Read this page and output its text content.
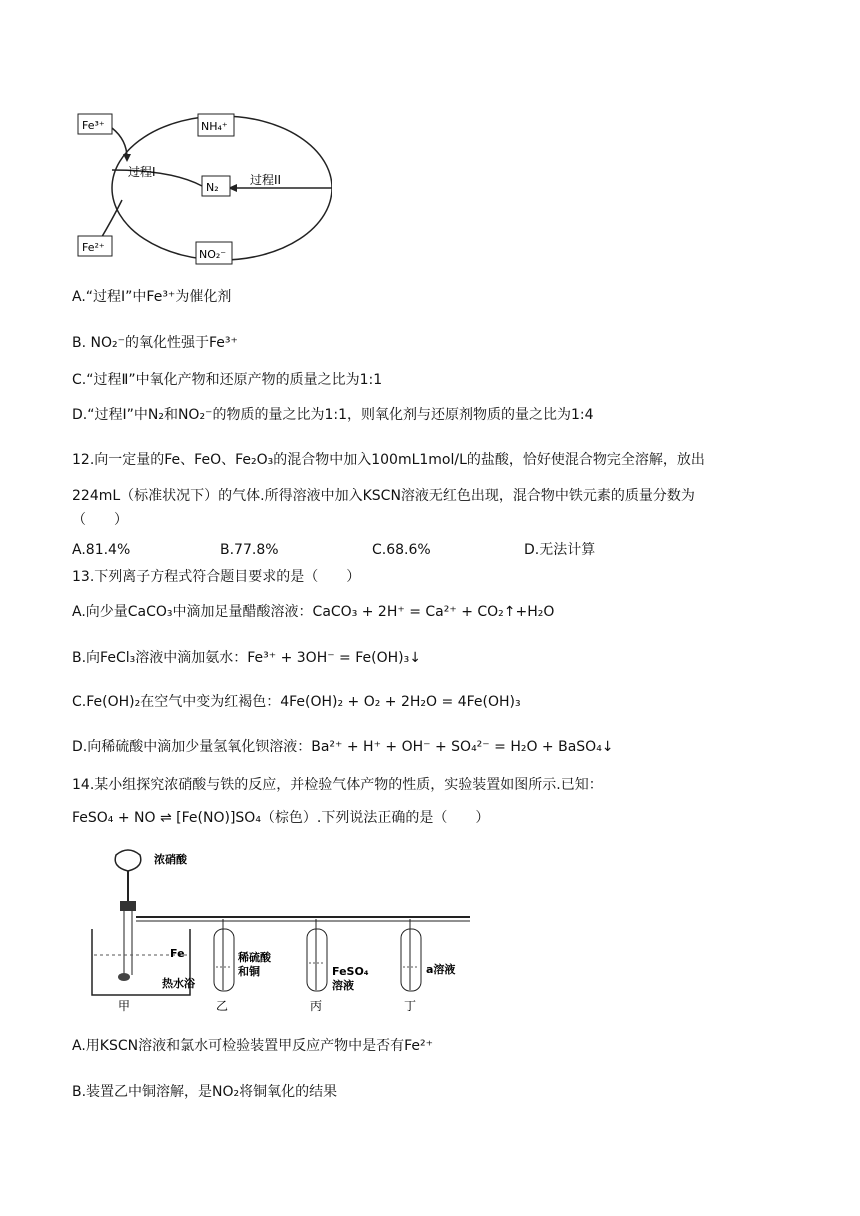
Fe³⁺	NH₄⁺
N₂
NO₂⁻
Fe²⁺
过程I
过程II
A.“过程Ⅰ”中Fe³⁺为催化剂
B. NO₂⁻的氧化性强于Fe³⁺
C.“过程Ⅱ”中氧化产物和还原产物的质量之比为1:1
D.“过程Ⅰ”中N₂和NO₂⁻的物质的量之比为1:1，则氧化剂与还原剂物质的量之比为1:4
12.向一定量的Fe、FeO、Fe₂O₃的混合物中加入100mL1mol/L的盐酸，恰好使混合物完全溶解，放出
224mL（标准状况下）的气体.所得溶液中加入KSCN溶液无红色出现，混合物中铁元素的质量分数为
（　　）
A.81.4%	B.77.8%	C.68.6%	D.无法计算
13.下列离子方程式符合题目要求的是（　　）
A.向少量CaCO₃中滴加足量醋酸溶液：CaCO₃ + 2H⁺ = Ca²⁺ + CO₂↑+H₂O
B.向FeCl₃溶液中滴加氨水：Fe³⁺ + 3OH⁻ = Fe(OH)₃↓
C.Fe(OH)₂在空气中变为红褐色：4Fe(OH)₂ + O₂ + 2H₂O = 4Fe(OH)₃
D.向稀硫酸中滴加少量氢氧化钡溶液：Ba²⁺ + H⁺ + OH⁻ + SO₄²⁻ = H₂O + BaSO₄↓
14.某小组探究浓硝酸与铁的反应，并检验气体产物的性质，实验装置如图所示.已知：
FeSO₄ + NO ⇌ [Fe(NO)]SO₄（棕色）.下列说法正确的是（　　）
浓硝酸
Fe
热水浴
稀硫酸
和铜	FeSO₄
溶液
a溶液
甲	乙	丙	丁
A.用KSCN溶液和氯水可检验装置甲反应产物中是否有Fe²⁺
B.装置乙中铜溶解，是NO₂将铜氧化的结果
